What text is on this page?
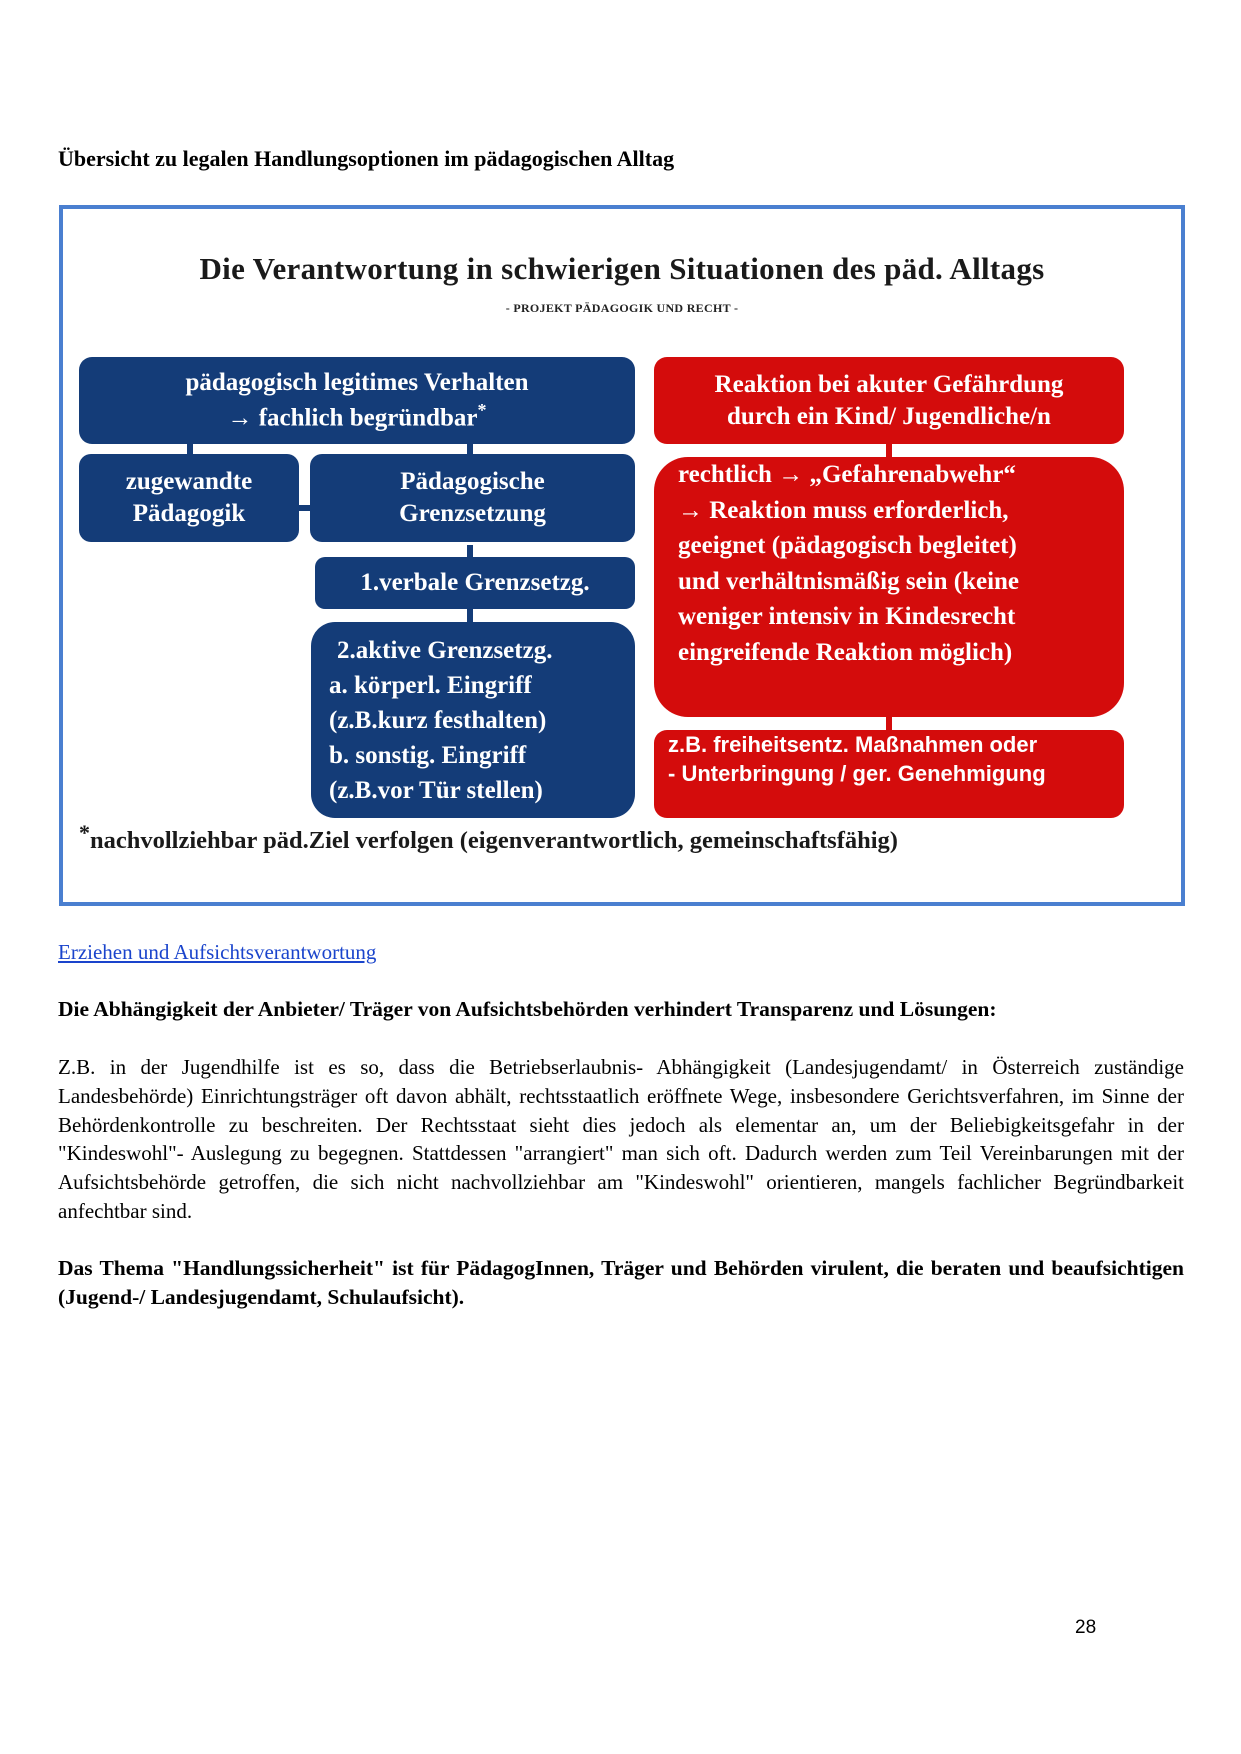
Übersicht zu legalen Handlungsoptionen im pädagogischen Alltag
Die Verantwortung in schwierigen Situationen des päd. Alltags
- PROJEKT PÄDAGOGIK UND RECHT -
pädagogisch legitimes Verhalten
→ fachlich begründbar*
zugewandte
Pädagogik
Pädagogische
Grenzsetzung
1.verbale Grenzsetzg.
2.aktive Grenzsetzg.
a. körperl. Eingriff
(z.B.kurz festhalten)
b. sonstig. Eingriff
(z.B.vor Tür stellen)
Reaktion bei akuter Gefährdung
durch ein Kind/ Jugendliche/n
rechtlich → „Gefahrenabwehr“
→ Reaktion muss erforderlich,
geeignet (pädagogisch begleitet)
und verhältnismäßig sein (keine
weniger intensiv in Kindesrecht
eingreifende Reaktion möglich)
z.B. freiheitsentz. Maßnahmen oder
- Unterbringung / ger. Genehmigung
*nachvollziehbar päd.Ziel verfolgen (eigenverantwortlich, gemeinschaftsfähig)
Erziehen und Aufsichtsverantwortung
Die Abhängigkeit der Anbieter/ Träger von Aufsichtsbehörden verhindert Transparenz und Lösungen:

Z.B. in der Jugendhilfe ist es so, dass die Betriebserlaubnis- Abhängigkeit (Landesjugendamt/ in Österreich zuständige Landesbehörde) Einrichtungsträger oft davon abhält, rechtsstaatlich eröffnete Wege, insbesondere Gerichtsverfahren, im Sinne der Behördenkontrolle zu beschreiten. Der Rechtsstaat sieht dies jedoch als elementar an, um der Beliebigkeitsgefahr in der "Kindeswohl"- Auslegung zu begegnen. Stattdessen "arrangiert" man sich oft. Dadurch werden zum Teil Vereinbarungen mit der Aufsichtsbehörde getroffen, die sich nicht nachvollziehbar am "Kindeswohl" orientieren, mangels fachlicher Begründbarkeit anfechtbar sind.

Das Thema "Handlungssicherheit" ist für PädagogInnen, Träger und Behörden virulent, die beraten und beaufsichtigen (Jugend-/ Landesjugendamt, Schulaufsicht).

28
